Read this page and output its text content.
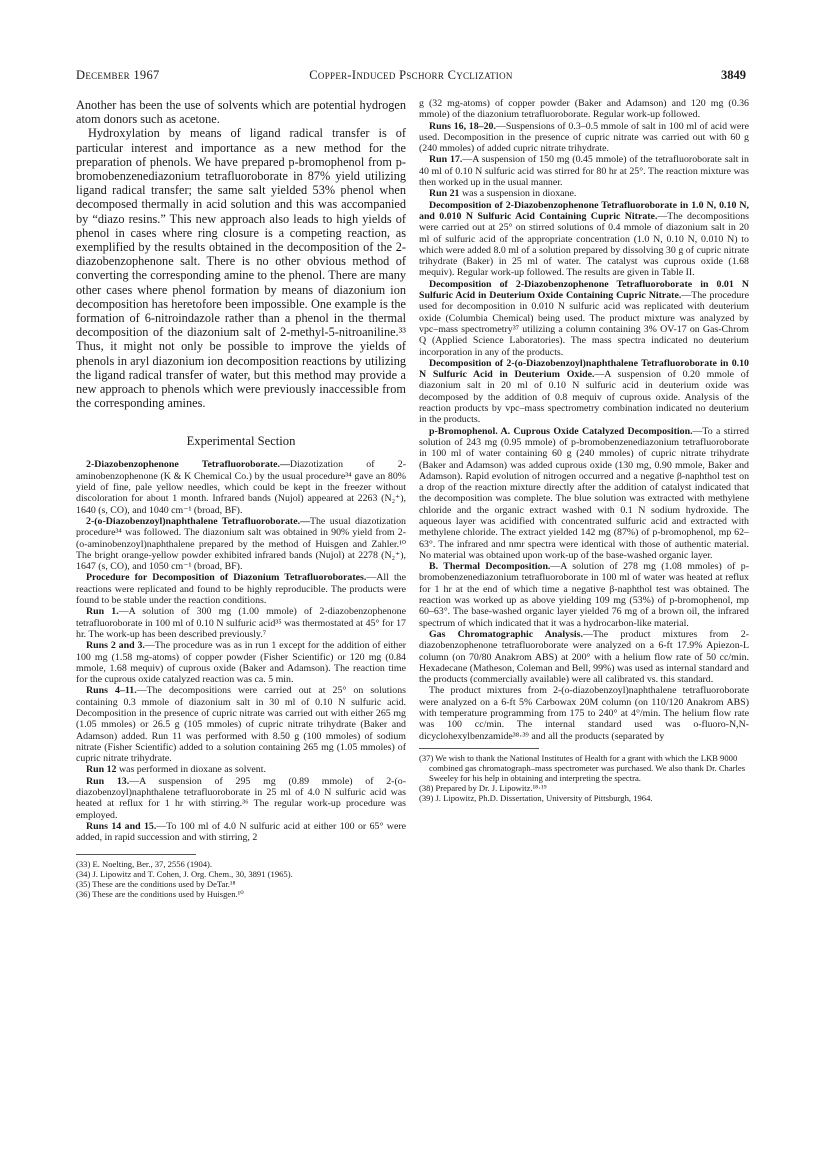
December 1967	Copper-Induced Pschorr Cyclization	3849

Another has been the use of solvents which are potential hydrogen atom donors such as acetone.

Hydroxylation by means of ligand radical transfer is of particular interest and importance as a new method for the preparation of phenols. We have prepared p-bromophenol from p-bromobenzenediazonium tetrafluoroborate in 87% yield utilizing ligand radical transfer; the same salt yielded 53% phenol when decomposed thermally in acid solution and this was accompanied by “diazo resins.” This new approach also leads to high yields of phenol in cases where ring closure is a competing reaction, as exemplified by the results obtained in the decomposition of the 2-diazobenzophenone salt. There is no other obvious method of converting the corresponding amine to the phenol. There are many other cases where phenol formation by means of diazonium ion decomposition has heretofore been impossible. One example is the formation of 6-nitroindazole rather than a phenol in the thermal decomposition of the diazonium salt of 2-methyl-5-nitroaniline.³³ Thus, it might not only be possible to improve the yields of phenols in aryl diazonium ion decomposition reactions by utilizing the ligand radical transfer of water, but this method may provide a new approach to phenols which were previously inaccessible from the corresponding amines.

Experimental Section

2-Diazobenzophenone Tetrafluoroborate.—Diazotization of 2-aminobenzophenone (K & K Chemical Co.) by the usual procedure³⁴ gave an 80% yield of fine, pale yellow needles, which could be kept in the freezer without discoloration for about 1 month. Infrared bands (Nujol) appeared at 2263 (N₂⁺), 1640 (s, CO), and 1040 cm⁻¹ (broad, BF).

2-(o-Diazobenzoyl)naphthalene Tetrafluoroborate.—The usual diazotization procedure³⁴ was followed. The diazonium salt was obtained in 90% yield from 2-(o-aminobenzoyl)naphthalene prepared by the method of Huisgen and Zahler.¹⁰ The bright orange-yellow powder exhibited infrared bands (Nujol) at 2278 (N₂⁺), 1647 (s, CO), and 1050 cm⁻¹ (broad, BF).

Procedure for Decomposition of Diazonium Tetrafluoroborates.—All the reactions were replicated and found to be highly reproducible. The products were found to be stable under the reaction conditions.

Run 1.—A solution of 300 mg (1.00 mmole) of 2-diazobenzophenone tetrafluoroborate in 100 ml of 0.10 N sulfuric acid³⁵ was thermostated at 45° for 17 hr. The work-up has been described previously.⁷

Runs 2 and 3.—The procedure was as in run 1 except for the addition of either 100 mg (1.58 mg-atoms) of copper powder (Fisher Scientific) or 120 mg (0.84 mmole, 1.68 mequiv) of cuprous oxide (Baker and Adamson). The reaction time for the cuprous oxide catalyzed reaction was ca. 5 min.

Runs 4–11.—The decompositions were carried out at 25° on solutions containing 0.3 mmole of diazonium salt in 30 ml of 0.10 N sulfuric acid. Decomposition in the presence of cupric nitrate was carried out with either 265 mg (1.05 mmoles) or 26.5 g (105 mmoles) of cupric nitrate trihydrate (Baker and Adamson) added. Run 11 was performed with 8.50 g (100 mmoles) of sodium nitrate (Fisher Scientific) added to a solution containing 265 mg (1.05 mmoles) of cupric nitrate trihydrate.

Run 12 was performed in dioxane as solvent.

Run 13.—A suspension of 295 mg (0.89 mmole) of 2-(o-diazobenzoyl)naphthalene tetrafluoroborate in 25 ml of 4.0 N sulfuric acid was heated at reflux for 1 hr with stirring.³⁶ The regular work-up procedure was employed.

Runs 14 and 15.—To 100 ml of 4.0 N sulfuric acid at either 100 or 65° were added, in rapid succession and with stirring, 2

(33) E. Noelting, Ber., 37, 2556 (1904).

(34) J. Lipowitz and T. Cohen, J. Org. Chem., 30, 3891 (1965).

(35) These are the conditions used by DeTar.¹⁸

(36) These are the conditions used by Huisgen.¹⁰

g (32 mg-atoms) of copper powder (Baker and Adamson) and 120 mg (0.36 mmole) of the diazonium tetrafluoroborate. Regular work-up followed.

Runs 16, 18–20.—Suspensions of 0.3–0.5 mmole of salt in 100 ml of acid were used. Decomposition in the presence of cupric nitrate was carried out with 60 g (240 mmoles) of added cupric nitrate trihydrate.

Run 17.—A suspension of 150 mg (0.45 mmole) of the tetrafluoroborate salt in 40 ml of 0.10 N sulfuric acid was stirred for 80 hr at 25°. The reaction mixture was then worked up in the usual manner.

Run 21 was a suspension in dioxane.

Decomposition of 2-Diazobenzophenone Tetrafluoroborate in 1.0 N, 0.10 N, and 0.010 N Sulfuric Acid Containing Cupric Nitrate.—The decompositions were carried out at 25° on stirred solutions of 0.4 mmole of diazonium salt in 20 ml of sulfuric acid of the appropriate concentration (1.0 N, 0.10 N, 0.010 N) to which were added 8.0 ml of a solution prepared by dissolving 30 g of cupric nitrate trihydrate (Baker) in 25 ml of water. The catalyst was cuprous oxide (1.68 mequiv). Regular work-up followed. The results are given in Table II.

Decomposition of 2-Diazobenzophenone Tetrafluoroborate in 0.01 N Sulfuric Acid in Deuterium Oxide Containing Cupric Nitrate.—The procedure used for decomposition in 0.010 N sulfuric acid was replicated with deuterium oxide (Columbia Chemical) being used. The product mixture was analyzed by vpc–mass spectrometry³⁷ utilizing a column containing 3% OV-17 on Gas-Chrom Q (Applied Science Laboratories). The mass spectra indicated no deuterium incorporation in any of the products.

Decomposition of 2-(o-Diazobenzoyl)naphthalene Tetrafluoroborate in 0.10 N Sulfuric Acid in Deuterium Oxide.—A suspension of 0.20 mmole of diazonium salt in 20 ml of 0.10 N sulfuric acid in deuterium oxide was decomposed by the addition of 0.8 mequiv of cuprous oxide. Analysis of the reaction products by vpc–mass spectrometry combination indicated no deuterium in the products.

p-Bromophenol. A. Cuprous Oxide Catalyzed Decomposition.—To a stirred solution of 243 mg (0.95 mmole) of p-bromobenzenediazonium tetrafluoroborate in 100 ml of water containing 60 g (240 mmoles) of cupric nitrate trihydrate (Baker and Adamson) was added cuprous oxide (130 mg, 0.90 mmole, Baker and Adamson). Rapid evolution of nitrogen occurred and a negative β-naphthol test on a drop of the reaction mixture directly after the addition of catalyst indicated that the decomposition was complete. The blue solution was extracted with methylene chloride and the organic extract washed with 0.1 N sodium hydroxide. The aqueous layer was acidified with concentrated sulfuric acid and extracted with methylene chloride. The extract yielded 142 mg (87%) of p-bromophenol, mp 62–63°. The infrared and nmr spectra were identical with those of authentic material. No material was obtained upon work-up of the base-washed organic layer.

B. Thermal Decomposition.—A solution of 278 mg (1.08 mmoles) of p-bromobenzenediazonium tetrafluoroborate in 100 ml of water was heated at reflux for 1 hr at the end of which time a negative β-naphthol test was obtained. The reaction was worked up as above yielding 109 mg (53%) of p-bromophenol, mp 60–63°. The base-washed organic layer yielded 76 mg of a brown oil, the infrared spectrum of which indicated that it was a hydrocarbon-like material.

Gas Chromatographic Analysis.—The product mixtures from 2-diazobenzophenone tetrafluoroborate were analyzed on a 6-ft 17.9% Apiezon-L column (on 70/80 Anakrom ABS) at 200° with a helium flow rate of 50 cc/min. Hexadecane (Matheson, Coleman and Bell, 99%) was used as internal standard and the products (commercially available) were all calibrated vs. this standard.

The product mixtures from 2-(o-diazobenzoyl)naphthalene tetrafluoroborate were analyzed on a 6-ft 5% Carbowax 20M column (on 110/120 Anakrom ABS) with temperature programming from 175 to 240° at 4°/min. The helium flow rate was 100 cc/min. The internal standard used was o-fluoro-N,N-dicyclohexylbenzamide³⁸·³⁹ and all the products (separated by

(37) We wish to thank the National Institutes of Health for a grant with which the LKB 9000 combined gas chromatograph–mass spectrometer was purchased. We also thank Dr. Charles Sweeley for his help in obtaining and interpreting the spectra.

(38) Prepared by Dr. J. Lipowitz.¹⁸·¹⁹

(39) J. Lipowitz, Ph.D. Dissertation, University of Pittsburgh, 1964.
